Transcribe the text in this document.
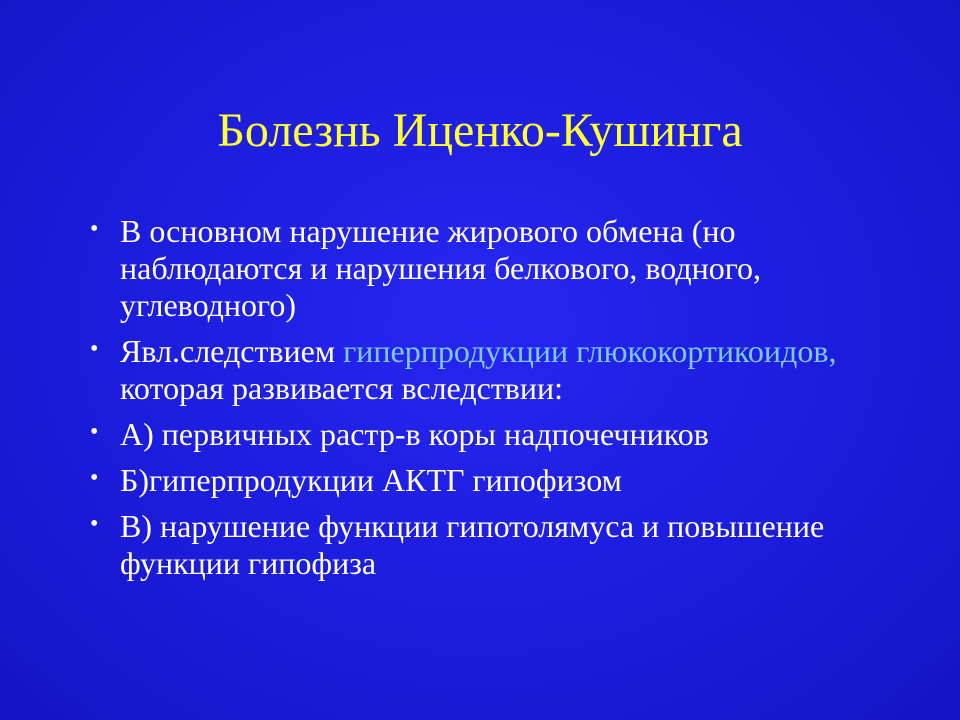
Болезнь Иценко-Кушинга
• В основном нарушение жирового обмена (но наблюдаются и нарушения белкового, водного, углеводного)
• Явл.следствием гиперпродукции глюкокортикоидов, которая развивается вследствии:
• А) первичных растр-в коры надпочечников
• Б)гиперпродукции АКТГ гипофизом
• В) нарушение функции гипотолямуса и повышение функции гипофиза
